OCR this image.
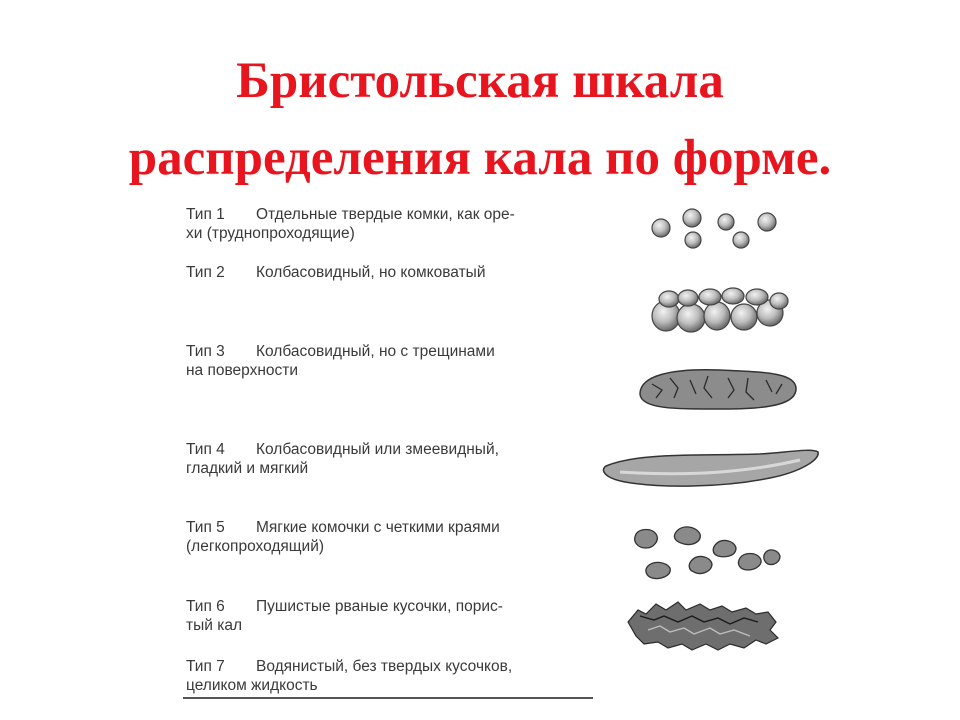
Бристольская шкала
распределения кала по форме.
Тип 1 Отдельные твердые комки, как оре-
хи (труднопроходящие)
Тип 2 Колбасовидный, но комковатый
Тип 3 Колбасовидный, но с трещинами
на поверхности
Тип 4 Колбасовидный или змеевидный,
гладкий и мягкий
Тип 5 Мягкие комочки с четкими краями
(легкопроходящий)
Тип 6 Пушистые рваные кусочки, порис-
тый кал
Тип 7 Водянистый, без твердых кусочков,
целиком жидкость
